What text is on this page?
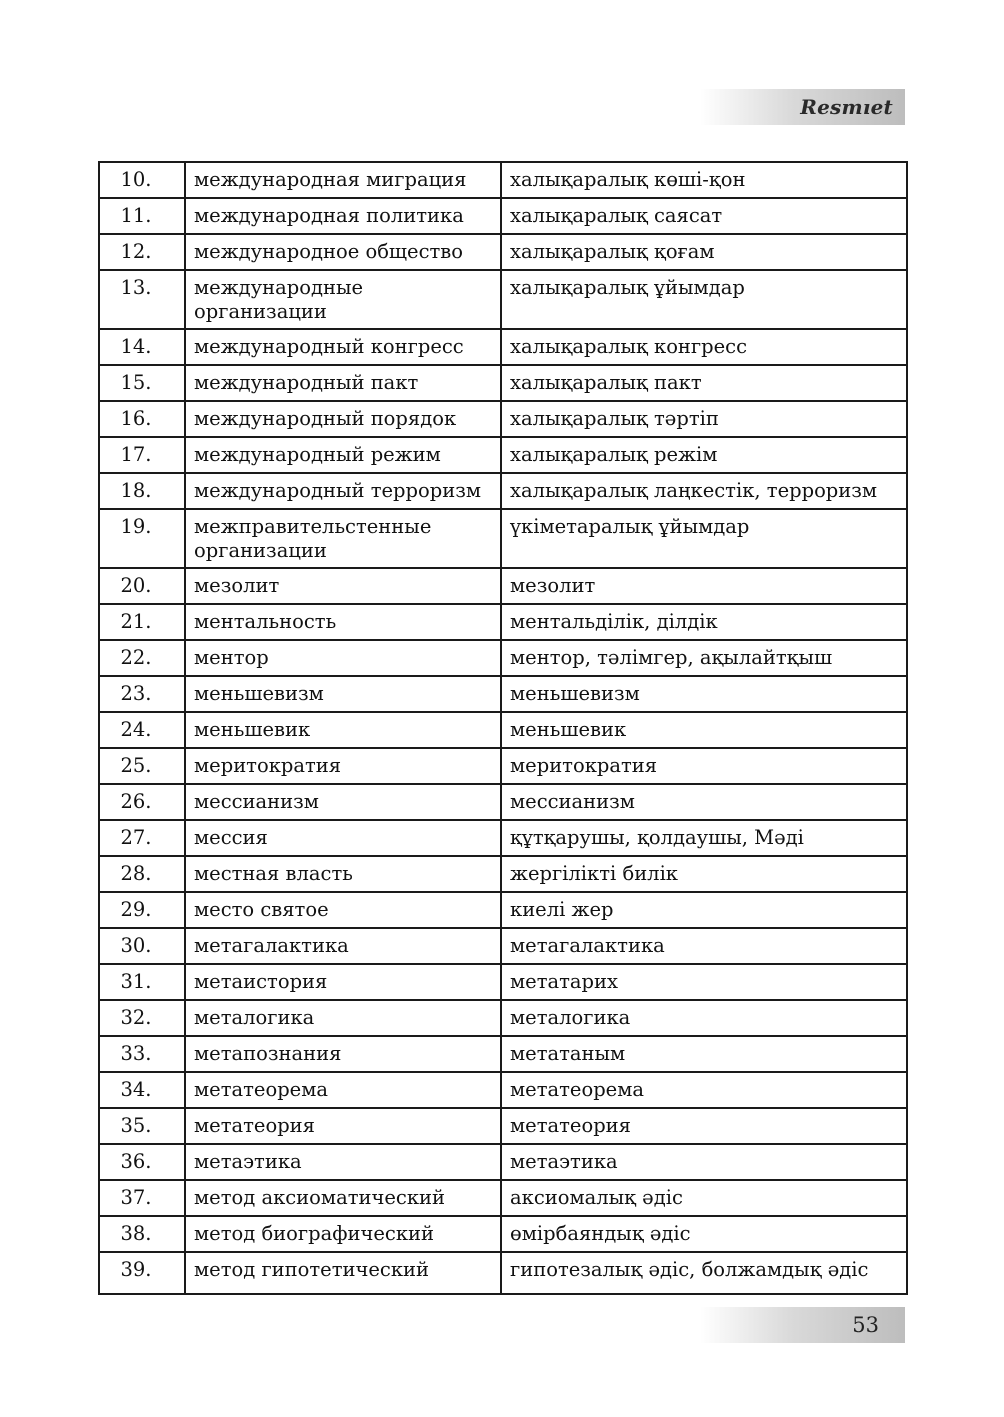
Resmıet
10.	международная миграция	халықаралық көші-қон
11.	международная политика	халықаралық саясат
12.	международное общество	халықаралық қоғам
13.	международные организации	халықаралық ұйымдар
14.	международный конгресс	халықаралық конгресс
15.	международный пакт	халықаралық пакт
16.	международный порядок	халықаралық тәртіп
17.	международный режим	халықаралық режім
18.	международный терроризм	халықаралық лаңкестік, терроризм
19.	межправительстенные организации	үкіметаралық ұйымдар
20.	мезолит	мезолит
21.	ментальность	ментальділік, ділдік
22.	ментор	ментор, тәлімгер, ақылайтқыш
23.	меньшевизм	меньшевизм
24.	меньшевик	меньшевик
25.	меритократия	меритократия
26.	мессианизм	мессианизм
27.	мессия	құтқарушы, қолдаушы, Мәді
28.	местная власть	жергілікті билік
29.	место святое	киелі жер
30.	метагалактика	метагалактика
31.	метаистория	метатарих
32.	металогика	металогика
33.	метапознания	метатаным
34.	метатеорема	метатеорема
35.	метатеория	метатеория
36.	метаэтика	метаэтика
37.	метод аксиоматический	аксиомалық әдіс
38.	метод биографический	өмірбаяндық әдіс
39.	метод гипотетический	гипотезалық әдіс, болжамдық әдіс
53
